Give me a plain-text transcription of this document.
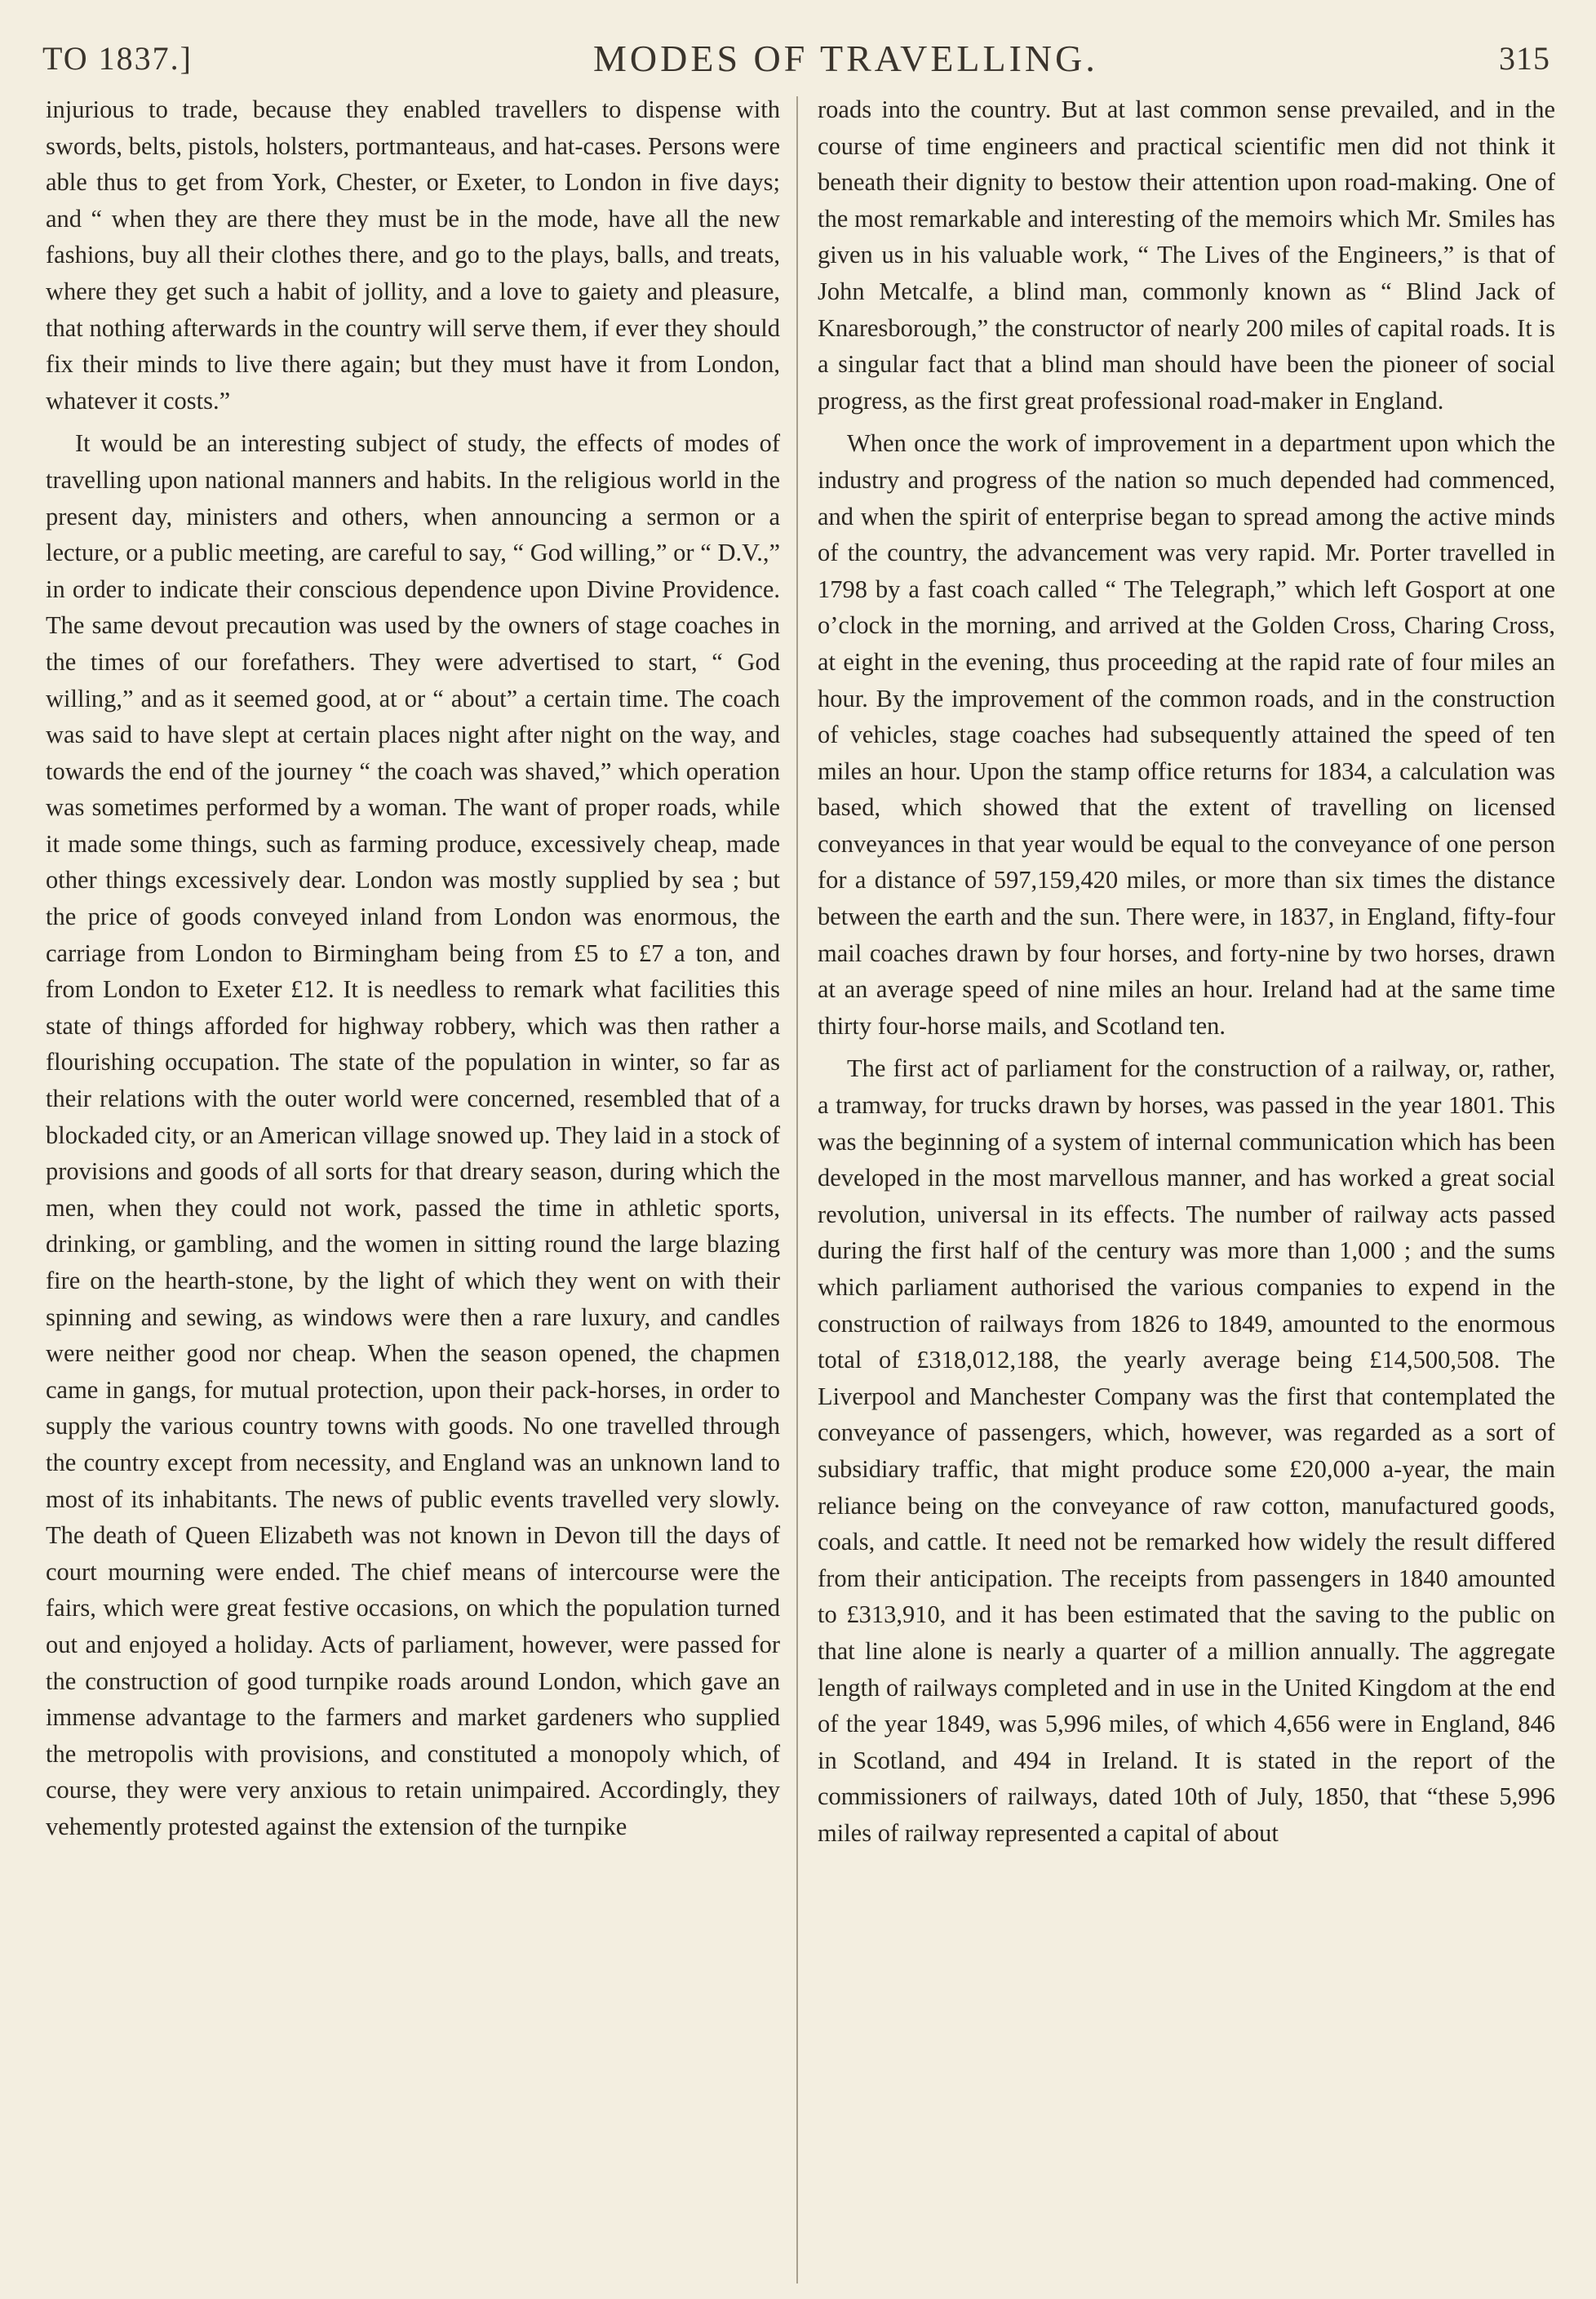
TO 1837.]	MODES OF TRAVELLING.	315

injurious to trade, because they enabled travellers to dispense with swords, belts, pistols, holsters, portmanteaus, and hat-cases. Persons were able thus to get from York, Chester, or Exeter, to London in five days; and “ when they are there they must be in the mode, have all the new fashions, buy all their clothes there, and go to the plays, balls, and treats, where they get such a habit of jollity, and a love to gaiety and pleasure, that nothing afterwards in the country will serve them, if ever they should fix their minds to live there again; but they must have it from London, whatever it costs.”

It would be an interesting subject of study, the effects of modes of travelling upon national manners and habits. In the religious world in the present day, ministers and others, when announcing a sermon or a lecture, or a public meeting, are careful to say, “ God willing,” or “ D.V.,” in order to indicate their conscious dependence upon Divine Providence. The same devout precaution was used by the owners of stage coaches in the times of our forefathers. They were advertised to start, “ God willing,” and as it seemed good, at or “ about” a certain time. The coach was said to have slept at certain places night after night on the way, and towards the end of the journey “ the coach was shaved,” which operation was sometimes performed by a woman. The want of proper roads, while it made some things, such as farming produce, excessively cheap, made other things excessively dear. London was mostly supplied by sea ; but the price of goods conveyed inland from London was enormous, the carriage from London to Birmingham being from £5 to £7 a ton, and from London to Exeter £12. It is needless to remark what facilities this state of things afforded for highway robbery, which was then rather a flourishing occupation. The state of the population in winter, so far as their relations with the outer world were concerned, resembled that of a blockaded city, or an American village snowed up. They laid in a stock of provisions and goods of all sorts for that dreary season, during which the men, when they could not work, passed the time in athletic sports, drinking, or gambling, and the women in sitting round the large blazing fire on the hearth-stone, by the light of which they went on with their spinning and sewing, as windows were then a rare luxury, and candles were neither good nor cheap. When the season opened, the chapmen came in gangs, for mutual protection, upon their pack-horses, in order to supply the various country towns with goods. No one travelled through the country except from necessity, and England was an unknown land to most of its inhabitants. The news of public events travelled very slowly. The death of Queen Elizabeth was not known in Devon till the days of court mourning were ended. The chief means of intercourse were the fairs, which were great festive occasions, on which the population turned out and enjoyed a holiday. Acts of parliament, however, were passed for the construction of good turnpike roads around London, which gave an immense advantage to the farmers and market gardeners who supplied the metropolis with provisions, and constituted a monopoly which, of course, they were very anxious to retain unimpaired. Accordingly, they vehemently protested against the extension of the turnpike

roads into the country. But at last common sense prevailed, and in the course of time engineers and practical scientific men did not think it beneath their dignity to bestow their attention upon road-making. One of the most remarkable and interesting of the memoirs which Mr. Smiles has given us in his valuable work, “ The Lives of the Engineers,” is that of John Metcalfe, a blind man, commonly known as “ Blind Jack of Knaresborough,” the constructor of nearly 200 miles of capital roads. It is a singular fact that a blind man should have been the pioneer of social progress, as the first great professional road-maker in England.

When once the work of improvement in a department upon which the industry and progress of the nation so much depended had commenced, and when the spirit of enterprise began to spread among the active minds of the country, the advancement was very rapid. Mr. Porter travelled in 1798 by a fast coach called “ The Telegraph,” which left Gosport at one o’clock in the morning, and arrived at the Golden Cross, Charing Cross, at eight in the evening, thus proceeding at the rapid rate of four miles an hour. By the improvement of the common roads, and in the construction of vehicles, stage coaches had subsequently attained the speed of ten miles an hour. Upon the stamp office returns for 1834, a calculation was based, which showed that the extent of travelling on licensed conveyances in that year would be equal to the conveyance of one person for a distance of 597,159,420 miles, or more than six times the distance between the earth and the sun. There were, in 1837, in England, fifty-four mail coaches drawn by four horses, and forty-nine by two horses, drawn at an average speed of nine miles an hour. Ireland had at the same time thirty four-horse mails, and Scotland ten.

The first act of parliament for the construction of a railway, or, rather, a tramway, for trucks drawn by horses, was passed in the year 1801. This was the beginning of a system of internal communication which has been developed in the most marvellous manner, and has worked a great social revolution, universal in its effects. The number of railway acts passed during the first half of the century was more than 1,000 ; and the sums which parliament authorised the various companies to expend in the construction of railways from 1826 to 1849, amounted to the enormous total of £318,012,188, the yearly average being £14,500,508. The Liverpool and Manchester Company was the first that contemplated the conveyance of passengers, which, however, was regarded as a sort of subsidiary traffic, that might produce some £20,000 a-year, the main reliance being on the conveyance of raw cotton, manufactured goods, coals, and cattle. It need not be remarked how widely the result differed from their anticipation. The receipts from passengers in 1840 amounted to £313,910, and it has been estimated that the saving to the public on that line alone is nearly a quarter of a million annually. The aggregate length of railways completed and in use in the United Kingdom at the end of the year 1849, was 5,996 miles, of which 4,656 were in England, 846 in Scotland, and 494 in Ireland. It is stated in the report of the commissioners of railways, dated 10th of July, 1850, that “these 5,996 miles of railway represented a capital of about
